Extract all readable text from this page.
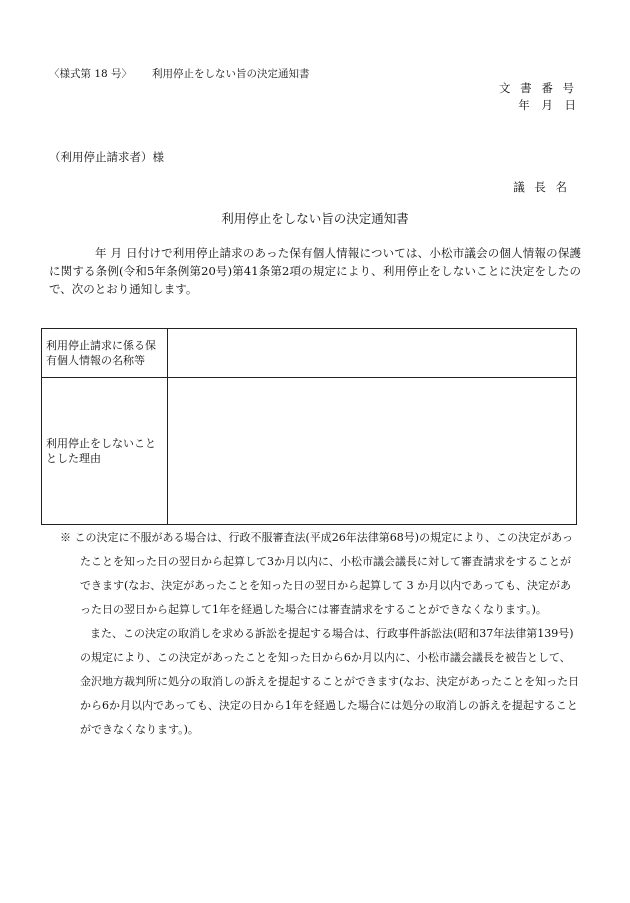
〈様式第 18 号〉 利用停止をしない旨の決定通知書
文 書 番 号
年 月 日
（利用停止請求者）様
議 長 名
利用停止をしない旨の決定通知書
年 月 日付けで利用停止請求のあった保有個人情報については、小松市議会の個人情報の保護に関する条例(令和5年条例第20号)第41条第2項の規定により、利用停止をしないことに決定をしたので、次のとおり通知します。
利用停止請求に係る保有個人情報の名称等	
利用停止をしないこととした理由	

※ この決定に不服がある場合は、行政不服審査法(平成26年法律第68号)の規定により、この決定があったことを知った日の翌日から起算して3か月以内に、小松市議会議長に対して審査請求をすることができます(なお、決定があったことを知った日の翌日から起算して 3 か月以内であっても、決定があった日の翌日から起算して1年を経過した場合には審査請求をすることができなくなります。)。

また、この決定の取消しを求める訴訟を提起する場合は、行政事件訴訟法(昭和37年法律第139号)の規定により、この決定があったことを知った日から6か月以内に、小松市議会議長を被告として、金沢地方裁判所に処分の取消しの訴えを提起することができます(なお、決定があったことを知った日から6か月以内であっても、決定の日から1年を経過した場合には処分の取消しの訴えを提起することができなくなります。)。
